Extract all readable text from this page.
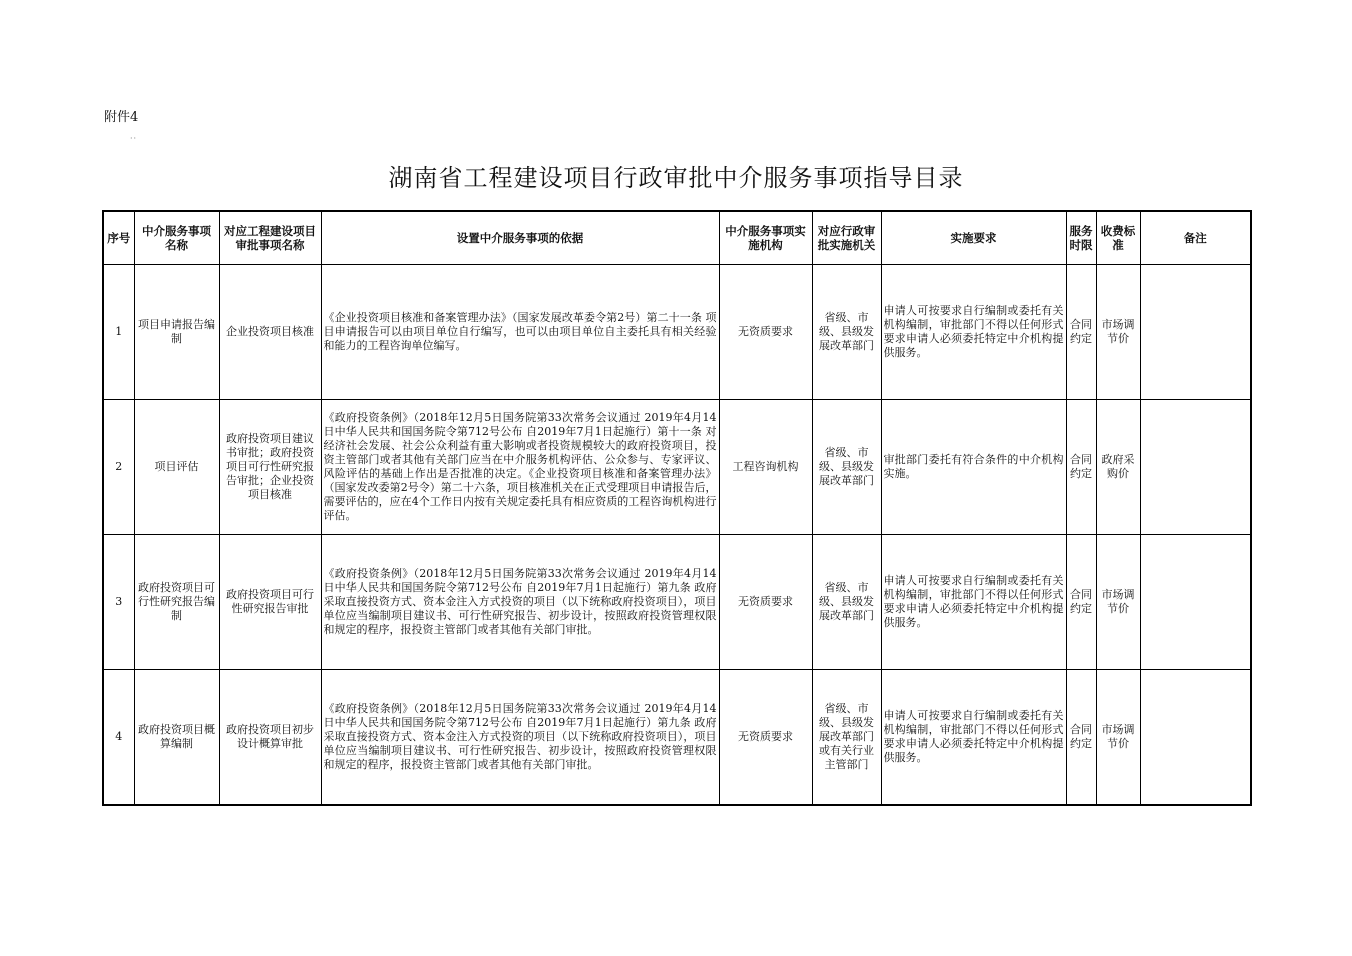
附件4
··
湖南省工程建设项目行政审批中介服务事项指导目录
序号	中介服务事项名称	对应工程建设项目审批事项名称	设置中介服务事项的依据	中介服务事项实施机构	对应行政审批实施机关	实施要求	服务时限	收费标准	备注
1	项目申请报告编制	企业投资项目核准	《企业投资项目核准和备案管理办法》（国家发展改革委令第2号）第二十一条 项目申请报告可以由项目单位自行编写，也可以由项目单位自主委托具有相关经验和能力的工程咨询单位编写。	无资质要求	省级、市级、县级发展改革部门	申请人可按要求自行编制或委托有关机构编制，审批部门不得以任何形式要求申请人必须委托特定中介机构提供服务。	合同约定	市场调节价	
2	项目评估	政府投资项目建议书审批；政府投资项目可行性研究报告审批；企业投资项目核准	《政府投资条例》（2018年12月5日国务院第33次常务会议通过 2019年4月14日中华人民共和国国务院令第712号公布 自2019年7月1日起施行）第十一条 对经济社会发展、社会公众利益有重大影响或者投资规模较大的政府投资项目，投资主管部门或者其他有关部门应当在中介服务机构评估、公众参与、专家评议、风险评估的基础上作出是否批准的决定。《企业投资项目核准和备案管理办法》（国家发改委第2号令）第二十六条，项目核准机关在正式受理项目申请报告后，需要评估的，应在4个工作日内按有关规定委托具有相应资质的工程咨询机构进行评估。	工程咨询机构	省级、市级、县级发展改革部门	审批部门委托有符合条件的中介机构实施。	合同约定	政府采购价	
3	政府投资项目可行性研究报告编制	政府投资项目可行性研究报告审批	《政府投资条例》（2018年12月5日国务院第33次常务会议通过 2019年4月14日中华人民共和国国务院令第712号公布 自2019年7月1日起施行）第九条 政府采取直接投资方式、资本金注入方式投资的项目（以下统称政府投资项目），项目单位应当编制项目建议书、可行性研究报告、初步设计，按照政府投资管理权限和规定的程序，报投资主管部门或者其他有关部门审批。	无资质要求	省级、市级、县级发展改革部门	申请人可按要求自行编制或委托有关机构编制，审批部门不得以任何形式要求申请人必须委托特定中介机构提供服务。	合同约定	市场调节价	
4	政府投资项目概算编制	政府投资项目初步设计概算审批	《政府投资条例》（2018年12月5日国务院第33次常务会议通过 2019年4月14日中华人民共和国国务院令第712号公布 自2019年7月1日起施行）第九条 政府采取直接投资方式、资本金注入方式投资的项目（以下统称政府投资项目），项目单位应当编制项目建议书、可行性研究报告、初步设计，按照政府投资管理权限和规定的程序，报投资主管部门或者其他有关部门审批。	无资质要求	省级、市级、县级发展改革部门或有关行业主管部门	申请人可按要求自行编制或委托有关机构编制，审批部门不得以任何形式要求申请人必须委托特定中介机构提供服务。	合同约定	市场调节价	
